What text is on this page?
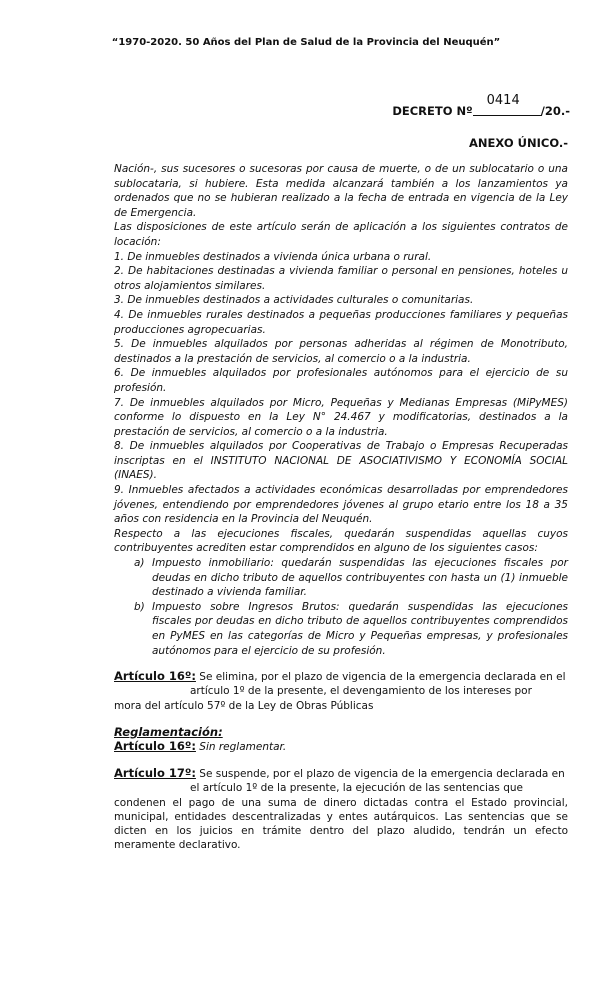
“1970-2020. 50 Años del Plan de Salud de la Provincia del Neuquén”
DECRETO Nº
0414
/20.-
ANEXO ÚNICO.-

Nación-, sus sucesores o sucesoras por causa de muerte, o de un sublocatario o una sublocataria, si hubiere. Esta medida alcanzará también a los lanzamientos ya ordenados que no se hubieran realizado a la fecha de entrada en vigencia de la Ley de Emergencia.

Las disposiciones de este artículo serán de aplicación a los siguientes contratos de locación:

1. De inmuebles destinados a vivienda única urbana o rural.

2. De habitaciones destinadas a vivienda familiar o personal en pensiones, hoteles u otros alojamientos similares.

3. De inmuebles destinados a actividades culturales o comunitarias.

4. De inmuebles rurales destinados a pequeñas producciones familiares y pequeñas producciones agropecuarias.

5. De inmuebles alquilados por personas adheridas al régimen de Monotributo, destinados a la prestación de servicios, al comercio o a la industria.

6. De inmuebles alquilados por profesionales autónomos para el ejercicio de su profesión.

7. De inmuebles alquilados por Micro, Pequeñas y Medianas Empresas (MiPyMES) conforme lo dispuesto en la Ley N° 24.467 y modificatorias, destinados a la prestación de servicios, al comercio o a la industria.

8. De inmuebles alquilados por Cooperativas de Trabajo o Empresas Recuperadas inscriptas en el INSTITUTO NACIONAL DE ASOCIATIVISMO Y ECONOMÍA SOCIAL (INAES).

9. Inmuebles afectados a actividades económicas desarrolladas por emprendedores jóvenes, entendiendo por emprendedores jóvenes al grupo etario entre los 18 a 35 años con residencia en la Provincia del Neuquén.

Respecto a las ejecuciones fiscales, quedarán suspendidas aquellas cuyos contribuyentes acrediten estar comprendidos en alguno de los siguientes casos:

a) Impuesto inmobiliario: quedarán suspendidas las ejecuciones fiscales por deudas en dicho tributo de aquellos contribuyentes con hasta un (1) inmueble destinado a vivienda familiar.

b) Impuesto sobre Ingresos Brutos: quedarán suspendidas las ejecuciones fiscales por deudas en dicho tributo de aquellos contribuyentes comprendidos en PyMES en las categorías de Micro y Pequeñas empresas, y profesionales autónomos para el ejercicio de su profesión.

Artículo 16º: Se elimina, por el plazo de vigencia de la emergencia declarada en el
artículo 1º de la presente, el devengamiento de los intereses por
mora del artículo 57º de la Ley de Obras Públicas
Reglamentación:
Artículo 16º: Sin reglamentar.
Artículo 17º: Se suspende, por el plazo de vigencia de la emergencia declarada en
el artículo 1º de la presente, la ejecución de las sentencias que
condenen el pago de una suma de dinero dictadas contra el Estado provincial, municipal, entidades descentralizadas y entes autárquicos. Las sentencias que se dicten en los juicios en trámite dentro del plazo aludido, tendrán un efecto meramente declarativo.
